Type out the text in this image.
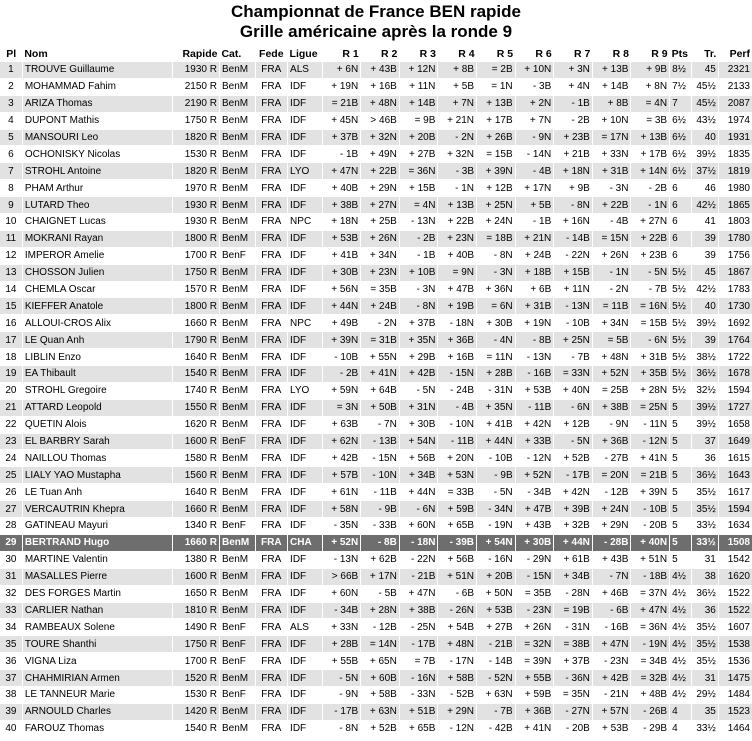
Championnat de France BEN rapide
Grille américaine après la ronde 9
Pl	Nom	Rapide	Cat.	Fede	Ligue	R 1	R 2	R 3	R 4	R 5	R 6	R 7	R 8	R 9	Pts	Tr.	Perf
1	TROUVE Guillaume	1930 R	BenM	FRA	ALS	+ 6N	+ 43B	+ 12N	+ 8B	= 2B	+ 10N	+ 3N	+ 13B	+ 9B	8½	45	2321
2	MOHAMMAD Fahim	2150 R	BenM	FRA	IDF	+ 19N	+ 16B	+ 11N	+ 5B	= 1N	- 3B	+ 4N	+ 14B	+ 8N	7½	45½	2133
3	ARIZA Thomas	2190 R	BenM	FRA	IDF	= 21B	+ 48N	+ 14B	+ 7N	+ 13B	+ 2N	- 1B	+ 8B	= 4N	7	45½	2087
4	DUPONT Mathis	1750 R	BenM	FRA	IDF	+ 45N	> 46B	= 9B	+ 21N	+ 17B	+ 7N	- 2B	+ 10N	= 3B	6½	43½	1974
5	MANSOURI Leo	1820 R	BenM	FRA	IDF	+ 37B	+ 32N	+ 20B	- 2N	+ 26B	- 9N	+ 23B	= 17N	+ 13B	6½	40	1931
6	OCHONISKY Nicolas	1530 R	BenM	FRA	IDF	- 1B	+ 49N	+ 27B	+ 32N	= 15B	- 14N	+ 21B	+ 33N	+ 17B	6½	39½	1835
7	STROHL Antoine	1820 R	BenM	FRA	LYO	+ 47N	+ 22B	= 36N	- 3B	+ 39N	- 4B	+ 18N	+ 31B	+ 14N	6½	37½	1819
8	PHAM Arthur	1970 R	BenM	FRA	IDF	+ 40B	+ 29N	+ 15B	- 1N	+ 12B	+ 17N	+ 9B	- 3N	- 2B	6	46	1980
9	LUTARD Theo	1930 R	BenM	FRA	IDF	+ 38B	+ 27N	= 4N	+ 13B	+ 25N	+ 5B	- 8N	+ 22B	- 1N	6	42½	1865
10	CHAIGNET Lucas	1930 R	BenM	FRA	NPC	+ 18N	+ 25B	- 13N	+ 22B	+ 24N	- 1B	+ 16N	- 4B	+ 27N	6	41	1803
11	MOKRANI Rayan	1800 R	BenM	FRA	IDF	+ 53B	+ 26N	- 2B	+ 23N	= 18B	+ 21N	- 14B	= 15N	+ 22B	6	39	1780
12	IMPEROR Amelie	1700 R	BenF	FRA	IDF	+ 41B	+ 34N	- 1B	+ 40B	- 8N	+ 24B	- 22N	+ 26N	+ 23B	6	39	1756
13	CHOSSON Julien	1750 R	BenM	FRA	IDF	+ 30B	+ 23N	+ 10B	= 9N	- 3N	+ 18B	+ 15B	- 1N	- 5N	5½	45	1867
14	CHEMLA Oscar	1570 R	BenM	FRA	IDF	+ 56N	= 35B	- 3N	+ 47B	+ 36N	+ 6B	+ 11N	- 2N	- 7B	5½	42½	1783
15	KIEFFER Anatole	1800 R	BenM	FRA	IDF	+ 44N	+ 24B	- 8N	+ 19B	= 6N	+ 31B	- 13N	= 11B	= 16N	5½	40	1730
16	ALLOUI-CROS Alix	1660 R	BenM	FRA	NPC	+ 49B	- 2N	+ 37B	- 18N	+ 30B	+ 19N	- 10B	+ 34N	= 15B	5½	39½	1692
17	LE Quan Anh	1790 R	BenM	FRA	IDF	+ 39N	= 31B	+ 35N	+ 36B	- 4N	- 8B	+ 25N	= 5B	- 6N	5½	39	1764
18	LIBLIN Enzo	1640 R	BenM	FRA	IDF	- 10B	+ 55N	+ 29B	+ 16B	= 11N	- 13N	- 7B	+ 48N	+ 31B	5½	38½	1722
19	EA Thibault	1540 R	BenM	FRA	IDF	- 2B	+ 41N	+ 42B	- 15N	+ 28B	- 16B	= 33N	+ 52N	+ 35B	5½	36½	1678
20	STROHL Gregoire	1740 R	BenM	FRA	LYO	+ 59N	+ 64B	- 5N	- 24B	- 31N	+ 53B	+ 40N	= 25B	+ 28N	5½	32½	1594
21	ATTARD Leopold	1550 R	BenM	FRA	IDF	= 3N	+ 50B	+ 31N	- 4B	+ 35N	- 11B	- 6N	+ 38B	= 25N	5	39½	1727
22	QUETIN Alois	1620 R	BenM	FRA	IDF	+ 63B	- 7N	+ 30B	- 10N	+ 41B	+ 42N	+ 12B	- 9N	- 11N	5	39½	1658
23	EL BARBRY Sarah	1600 R	BenF	FRA	IDF	+ 62N	- 13B	+ 54N	- 11B	+ 44N	+ 33B	- 5N	+ 36B	- 12N	5	37	1649
24	NAILLOU Thomas	1580 R	BenM	FRA	IDF	+ 42B	- 15N	+ 56B	+ 20N	- 10B	- 12N	+ 52B	- 27B	+ 41N	5	36	1615
25	LIALY YAO Mustapha	1560 R	BenM	FRA	IDF	+ 57B	- 10N	+ 34B	+ 53N	- 9B	+ 52N	- 17B	= 20N	= 21B	5	36½	1643
26	LE Tuan Anh	1640 R	BenM	FRA	IDF	+ 61N	- 11B	+ 44N	= 33B	- 5N	- 34B	+ 42N	- 12B	+ 39N	5	35½	1617
27	VERCAUTRIN Khepra	1660 R	BenM	FRA	IDF	+ 58N	- 9B	- 6N	+ 59B	- 34N	+ 47B	+ 39B	+ 24N	- 10B	5	35½	1594
28	GATINEAU Mayuri	1340 R	BenF	FRA	IDF	- 35N	- 33B	+ 60N	+ 65B	- 19N	+ 43B	+ 32B	+ 29N	- 20B	5	33½	1634
29	BERTRAND Hugo	1660 R	BenM	FRA	CHA	+ 52N	- 8B	- 18N	- 39B	+ 54N	+ 30B	+ 44N	- 28B	+ 40N	5	33½	1508
30	MARTINE Valentin	1380 R	BenM	FRA	IDF	- 13N	+ 62B	- 22N	+ 56B	- 16N	- 29N	+ 61B	+ 43B	+ 51N	5	31	1542
31	MASALLES Pierre	1600 R	BenM	FRA	IDF	> 66B	+ 17N	- 21B	+ 51N	+ 20B	- 15N	+ 34B	- 7N	- 18B	4½	38	1620
32	DES FORGES Martin	1650 R	BenM	FRA	IDF	+ 60N	- 5B	+ 47N	- 6B	+ 50N	= 35B	- 28N	+ 46B	= 37N	4½	36½	1522
33	CARLIER Nathan	1810 R	BenM	FRA	IDF	- 34B	+ 28N	+ 38B	- 26N	+ 53B	- 23N	= 19B	- 6B	+ 47N	4½	36	1522
34	RAMBEAUX Solene	1490 R	BenF	FRA	ALS	+ 33N	- 12B	- 25N	+ 54B	+ 27B	+ 26N	- 31N	- 16B	= 36N	4½	35½	1607
35	TOURE Shanthi	1750 R	BenF	FRA	IDF	+ 28B	= 14N	- 17B	+ 48N	- 21B	= 32N	= 38B	+ 47N	- 19N	4½	35½	1538
36	VIGNA Liza	1700 R	BenF	FRA	IDF	+ 55B	+ 65N	= 7B	- 17N	- 14B	= 39N	+ 37B	- 23N	= 34B	4½	35½	1536
37	CHAHMIRIAN Armen	1520 R	BenM	FRA	IDF	- 5N	+ 60B	- 16N	+ 58B	- 52N	+ 55B	- 36N	+ 42B	= 32B	4½	31	1475
38	LE TANNEUR Marie	1530 R	BenF	FRA	IDF	- 9N	+ 58B	- 33N	- 52B	+ 63N	+ 59B	= 35N	- 21N	+ 48B	4½	29½	1484
39	ARNOULD Charles	1420 R	BenM	FRA	IDF	- 17B	+ 63N	+ 51B	+ 29N	- 7B	+ 36B	- 27N	+ 57N	- 26B	4	35	1523
40	FAROUZ Thomas	1540 R	BenM	FRA	IDF	- 8N	+ 52B	+ 65B	- 12N	- 42B	+ 41N	- 20B	+ 53B	- 29B	4	33½	1464
